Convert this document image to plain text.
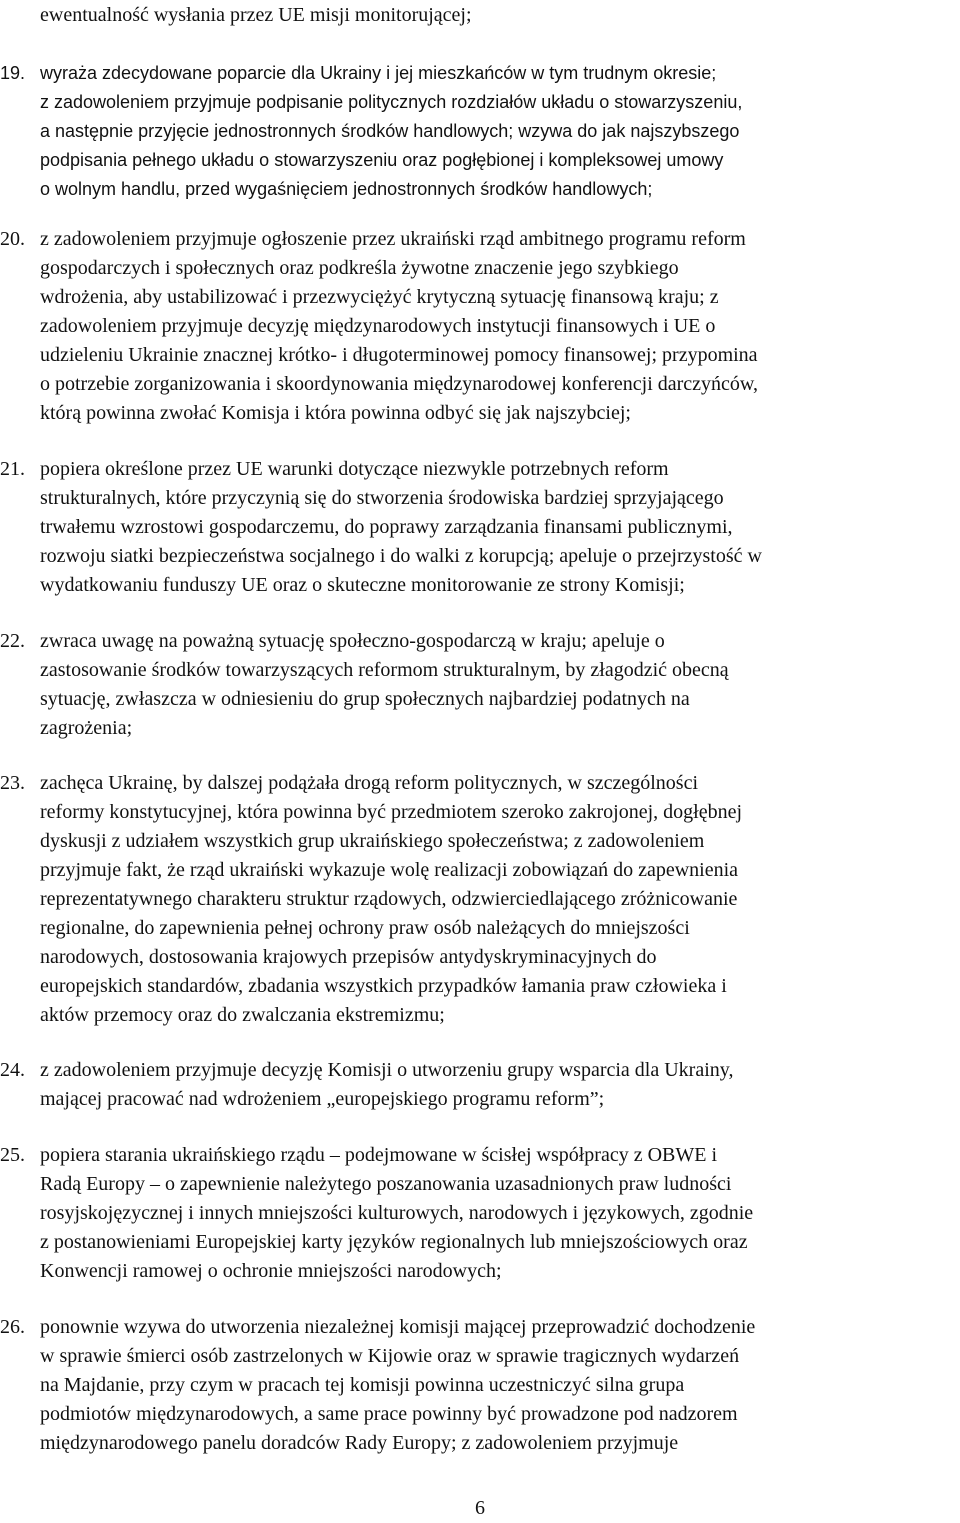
ewentualność wysłania przez UE misji monitorującej;

19. wyraża zdecydowane poparcie dla Ukrainy i jej mieszkańców w tym trudnym okresie;

z zadowoleniem przyjmuje podpisanie politycznych rozdziałów układu o stowarzyszeniu,

a następnie przyjęcie jednostronnych środków handlowych; wzywa do jak najszybszego

podpisania pełnego układu o stowarzyszeniu oraz pogłębionej i kompleksowej umowy

o wolnym handlu, przed wygaśnięciem jednostronnych środków handlowych;

20. z zadowoleniem przyjmuje ogłoszenie przez ukraiński rząd ambitnego programu reform

gospodarczych i społecznych oraz podkreśla żywotne znaczenie jego szybkiego

wdrożenia, aby ustabilizować i przezwyciężyć krytyczną sytuację finansową kraju; z

zadowoleniem przyjmuje decyzję międzynarodowych instytucji finansowych i UE o

udzieleniu Ukrainie znacznej krótko- i długoterminowej pomocy finansowej; przypomina

o potrzebie zorganizowania i skoordynowania międzynarodowej konferencji darczyńców,

którą powinna zwołać Komisja i która powinna odbyć się jak najszybciej;

21. popiera określone przez UE warunki dotyczące niezwykle potrzebnych reform

strukturalnych, które przyczynią się do stworzenia środowiska bardziej sprzyjającego

trwałemu wzrostowi gospodarczemu, do poprawy zarządzania finansami publicznymi,

rozwoju siatki bezpieczeństwa socjalnego i do walki z korupcją; apeluje o przejrzystość w

wydatkowaniu funduszy UE oraz o skuteczne monitorowanie ze strony Komisji;

22. zwraca uwagę na poważną sytuację społeczno-gospodarczą w kraju; apeluje o

zastosowanie środków towarzyszących reformom strukturalnym, by złagodzić obecną

sytuację, zwłaszcza w odniesieniu do grup społecznych najbardziej podatnych na

zagrożenia;

23. zachęca Ukrainę, by dalszej podążała drogą reform politycznych, w szczególności

reformy konstytucyjnej, która powinna być przedmiotem szeroko zakrojonej, dogłębnej

dyskusji z udziałem wszystkich grup ukraińskiego społeczeństwa; z zadowoleniem

przyjmuje fakt, że rząd ukraiński wykazuje wolę realizacji zobowiązań do zapewnienia

reprezentatywnego charakteru struktur rządowych, odzwierciedlającego zróżnicowanie

regionalne, do zapewnienia pełnej ochrony praw osób należących do mniejszości

narodowych, dostosowania krajowych przepisów antydyskryminacyjnych do

europejskich standardów, zbadania wszystkich przypadków łamania praw człowieka i

aktów przemocy oraz do zwalczania ekstremizmu;

24. z zadowoleniem przyjmuje decyzję Komisji o utworzeniu grupy wsparcia dla Ukrainy,

mającej pracować nad wdrożeniem „europejskiego programu reform”;

25. popiera starania ukraińskiego rządu – podejmowane w ścisłej współpracy z OBWE i

Radą Europy – o zapewnienie należytego poszanowania uzasadnionych praw ludności

rosyjskojęzycznej i innych mniejszości kulturowych, narodowych i językowych, zgodnie

z postanowieniami Europejskiej karty języków regionalnych lub mniejszościowych oraz

Konwencji ramowej o ochronie mniejszości narodowych;

26. ponownie wzywa do utworzenia niezależnej komisji mającej przeprowadzić dochodzenie

w sprawie śmierci osób zastrzelonych w Kijowie oraz w sprawie tragicznych wydarzeń

na Majdanie, przy czym w pracach tej komisji powinna uczestniczyć silna grupa

podmiotów międzynarodowych, a same prace powinny być prowadzone pod nadzorem

międzynarodowego panelu doradców Rady Europy; z zadowoleniem przyjmuje

6
